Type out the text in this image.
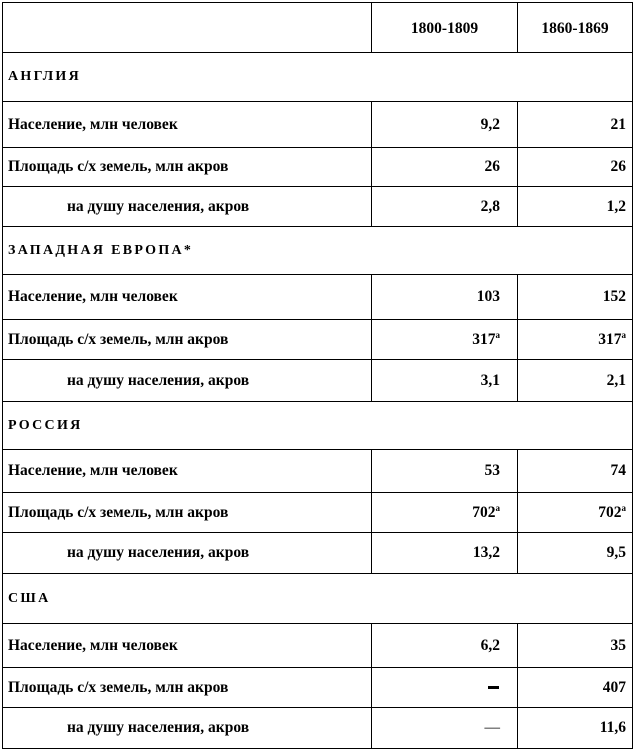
	1800-1809	1860-1869
АНГЛИЯ		
Население, млн человек	9,2	21
Площадь с/х земель, млн акров	26	26
на душу населения, акров	2,8	1,2
ЗАПАДНАЯ ЕВРОПА*		
Население, млн человек	103	152
Площадь с/х земель, млн акров	317$^a$	317$^a$
на душу населения, акров	3,1	2,1
РОССИЯ		
Население, млн человек	53	74
Площадь с/х земель, млн акров	702$^a$	702$^a$
на душу населения, акров	13,2	9,5
США		
Население, млн человек	6,2	35
Площадь с/х земель, млн акров		407
на душу населения, акров	—	11,6
